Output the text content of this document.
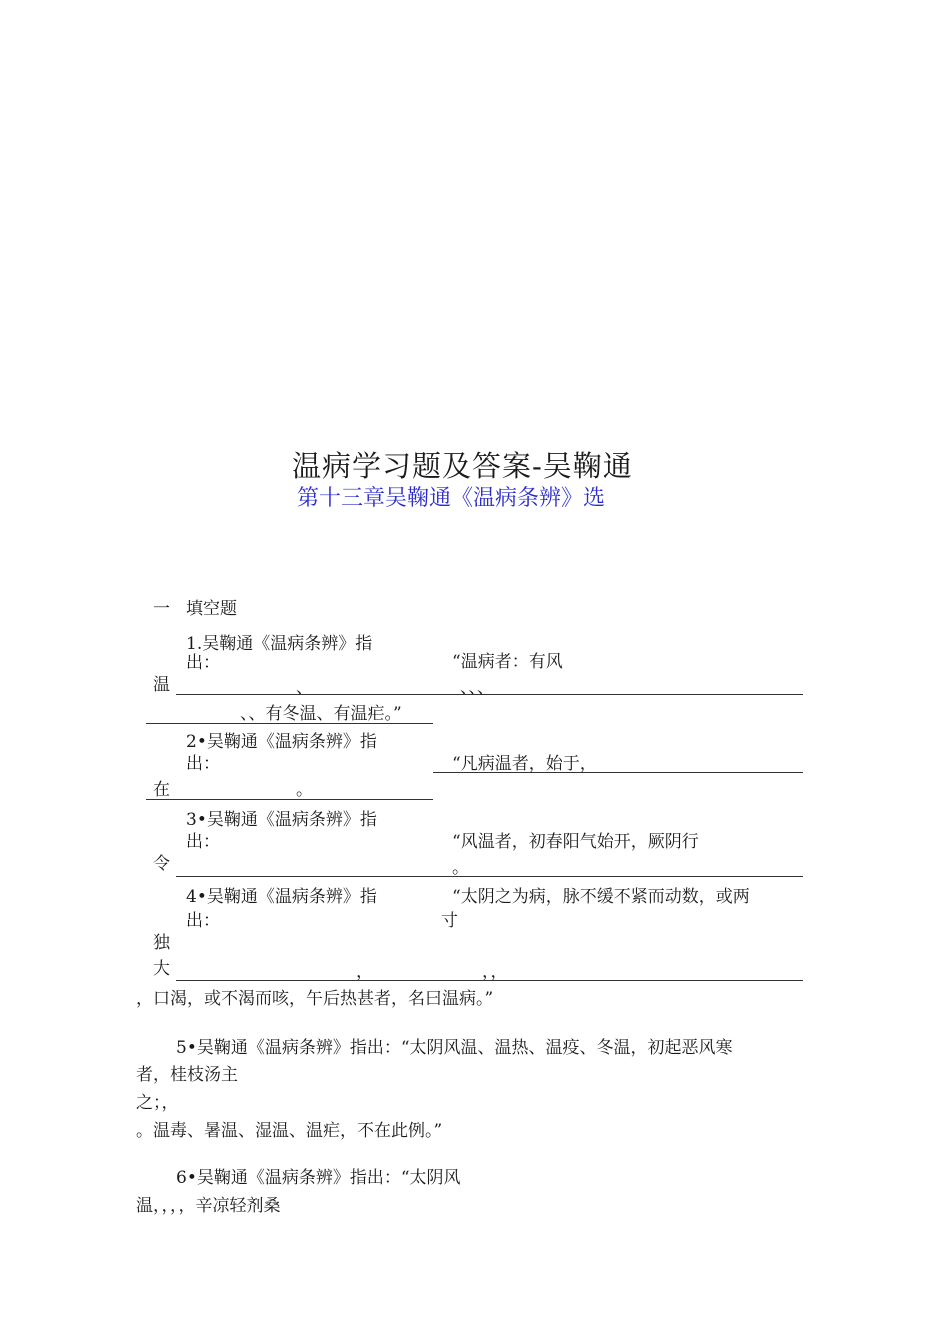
温病学习题及答案-吴鞠通
第十三章吴鞠通《温病条辨》选
一 填空题
1.吴鞠通《温病条辨》指
出：	“温病者：有风
温	、	、、、
、、有冬温、有温疟。”
2•吴鞠通《温病条辨》指
出：	“凡病温者，始于，
在	。
3•吴鞠通《温病条辨》指
出：	“风温者，初春阳气始开，厥阴行
令	。
4•吴鞠通《温病条辨》指	“太阴之为病，脉不缓不紧而动数，或两
出：	寸
独
大	，	，，
，口渴，或不渴而咳，午后热甚者，名曰温病。”
5•吴鞠通《温病条辨》指出：“太阴风温、温热、温疫、冬温，初起恶风寒
者，桂枝汤主
之；，
。温毒、暑温、湿温、温疟，不在此例。”
6•吴鞠通《温病条辨》指出：“太阴风
温，，，，辛凉轻剂桑
